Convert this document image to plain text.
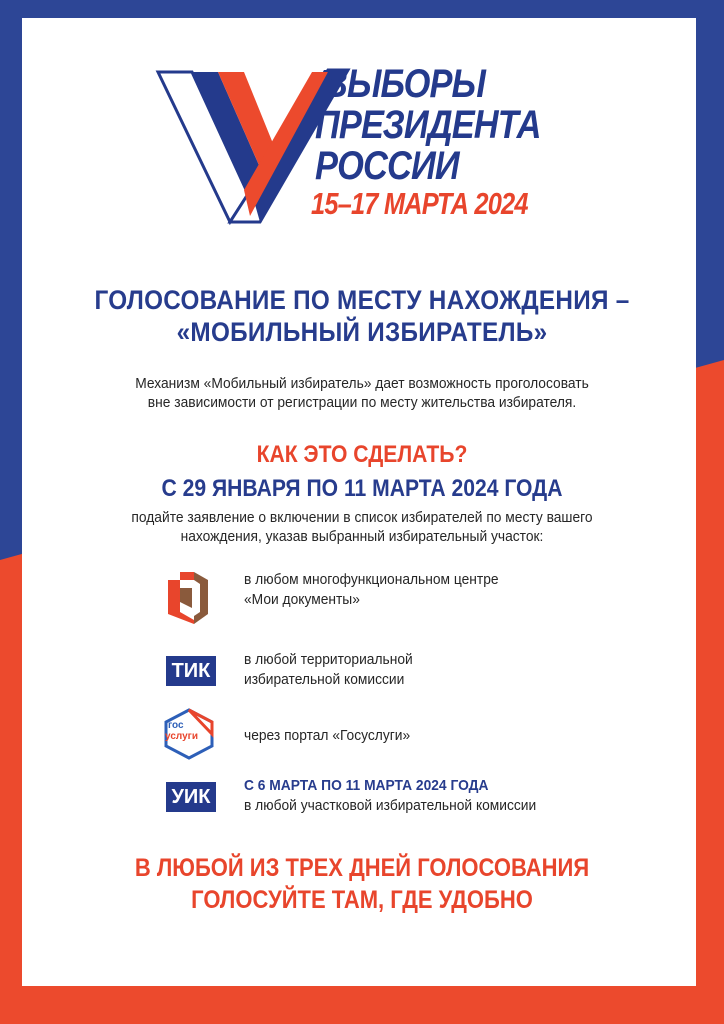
ВЫБОРЫ
ПРЕЗИДЕНТА
РОССИИ
15–17 МАРТА 2024
ГОЛОСОВАНИЕ ПО МЕСТУ НАХОЖДЕНИЯ –
«МОБИЛЬНЫЙ ИЗБИРАТЕЛЬ»
Механизм «Мобильный избиратель» дает возможность проголосовать
вне зависимости от регистрации по месту жительства избирателя.
КАК ЭТО СДЕЛАТЬ?
С 29 ЯНВАРЯ ПО 11 МАРТА 2024 ГОДА
подайте заявление о включении в список избирателей по месту вашего
нахождения, указав выбранный избирательный участок:
в любом многофункциональном центре
«Мои документы»
ТИК
в любой территориальной
избирательной комиссии
гос
услуги	через портал «Госуслуги»
УИК
С 6 МАРТА ПО 11 МАРТА 2024 ГОДА
в любой участковой избирательной комиссии
В ЛЮБОЙ ИЗ ТРЕХ ДНЕЙ ГОЛОСОВАНИЯ
ГОЛОСУЙТЕ ТАМ, ГДЕ УДОБНО
